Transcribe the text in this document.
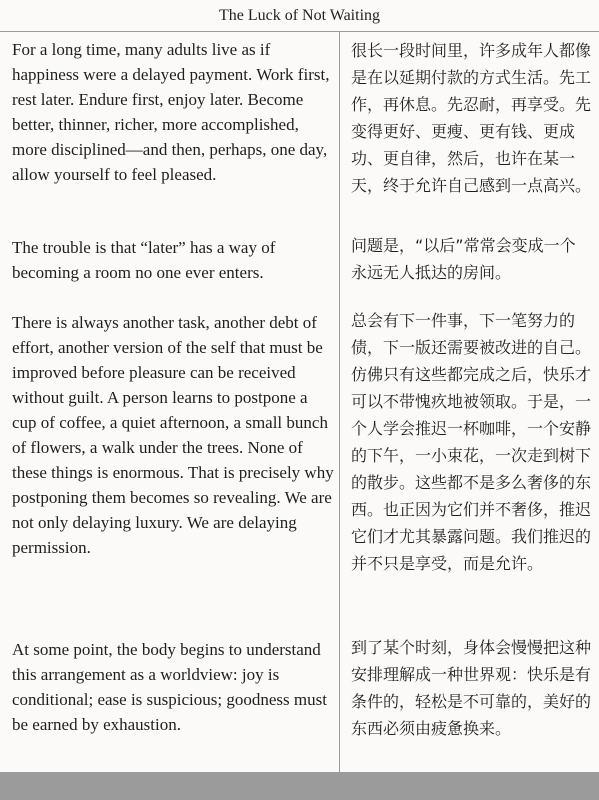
The Luck of Not Waiting

For a long time, many adults live as if happiness were a delayed payment. Work first, rest later. Endure first, enjoy later. Become better, thinner, richer, more accomplished, more disciplined—and then, perhaps, one day, allow yourself to feel pleased.

The trouble is that “later” has a way of becoming a room no one ever enters.

There is always another task, another debt of effort, another version of the self that must be improved before pleasure can be received without guilt. A person learns to postpone a cup of coffee, a quiet afternoon, a small bunch of flowers, a walk under the trees. None of these things is enormous. That is precisely why postponing them becomes so revealing. We are not only delaying luxury. We are delaying permission.

At some point, the body begins to understand this arrangement as a worldview: joy is conditional; ease is suspicious; goodness must be earned by exhaustion.

很长一段时间里，许多成年人都像是在以延期付款的方式生活。先工作，再休息。先忍耐，再享受。先变得更好、更瘦、更有钱、更成功、更自律，然后，也许在某一天，终于允许自己感到一点高兴。

问题是，“以后”常常会变成一个永远无人抵达的房间。

总会有下一件事，下一笔努力的债，下一版还需要被改进的自己。仿佛只有这些都完成之后，快乐才可以不带愧疚地被领取。于是，一个人学会推迟一杯咖啡，一个安静的下午，一小束花，一次走到树下的散步。这些都不是多么奢侈的东西。也正因为它们并不奢侈，推迟它们才尤其暴露问题。我们推迟的并不只是享受，而是允许。

到了某个时刻，身体会慢慢把这种安排理解成一种世界观：快乐是有条件的，轻松是不可靠的，美好的东西必须由疲惫换来。
